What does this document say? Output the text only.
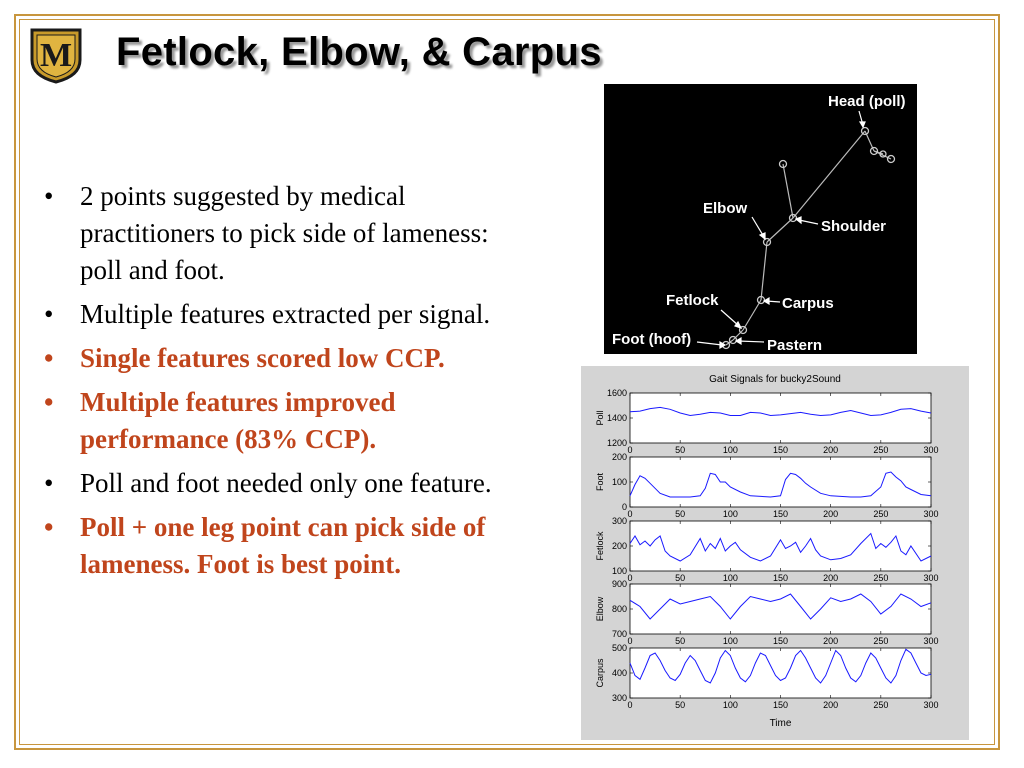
M Fetlock, Elbow, & Carpus
• 2 points suggested by medical practitioners to pick side of lameness: poll and foot.
• Multiple features extracted per signal.
• Single features scored low CCP.
• Multiple features improved performance (83% CCP).
• Poll and foot needed only one feature.
• Poll + one leg point can pick side of lameness. Foot is best point.
Head (poll)
Elbow
Shoulder
Fetlock	Carpus
Foot (hoof)	Pastern
Gait Signals for bucky2Sound
0	50	100	150	200	250	300
1200
1400
1600
Poll
0	50	100	150	200	250	300
0
100
200
Foot
0	50	100	150	200	250	300
100
200
300
Fetlock
0	50	100	150	200	250	300
700
800
900
Elbow
0	50	100	150	200	250	300
300
400
500
Carpus
Time
